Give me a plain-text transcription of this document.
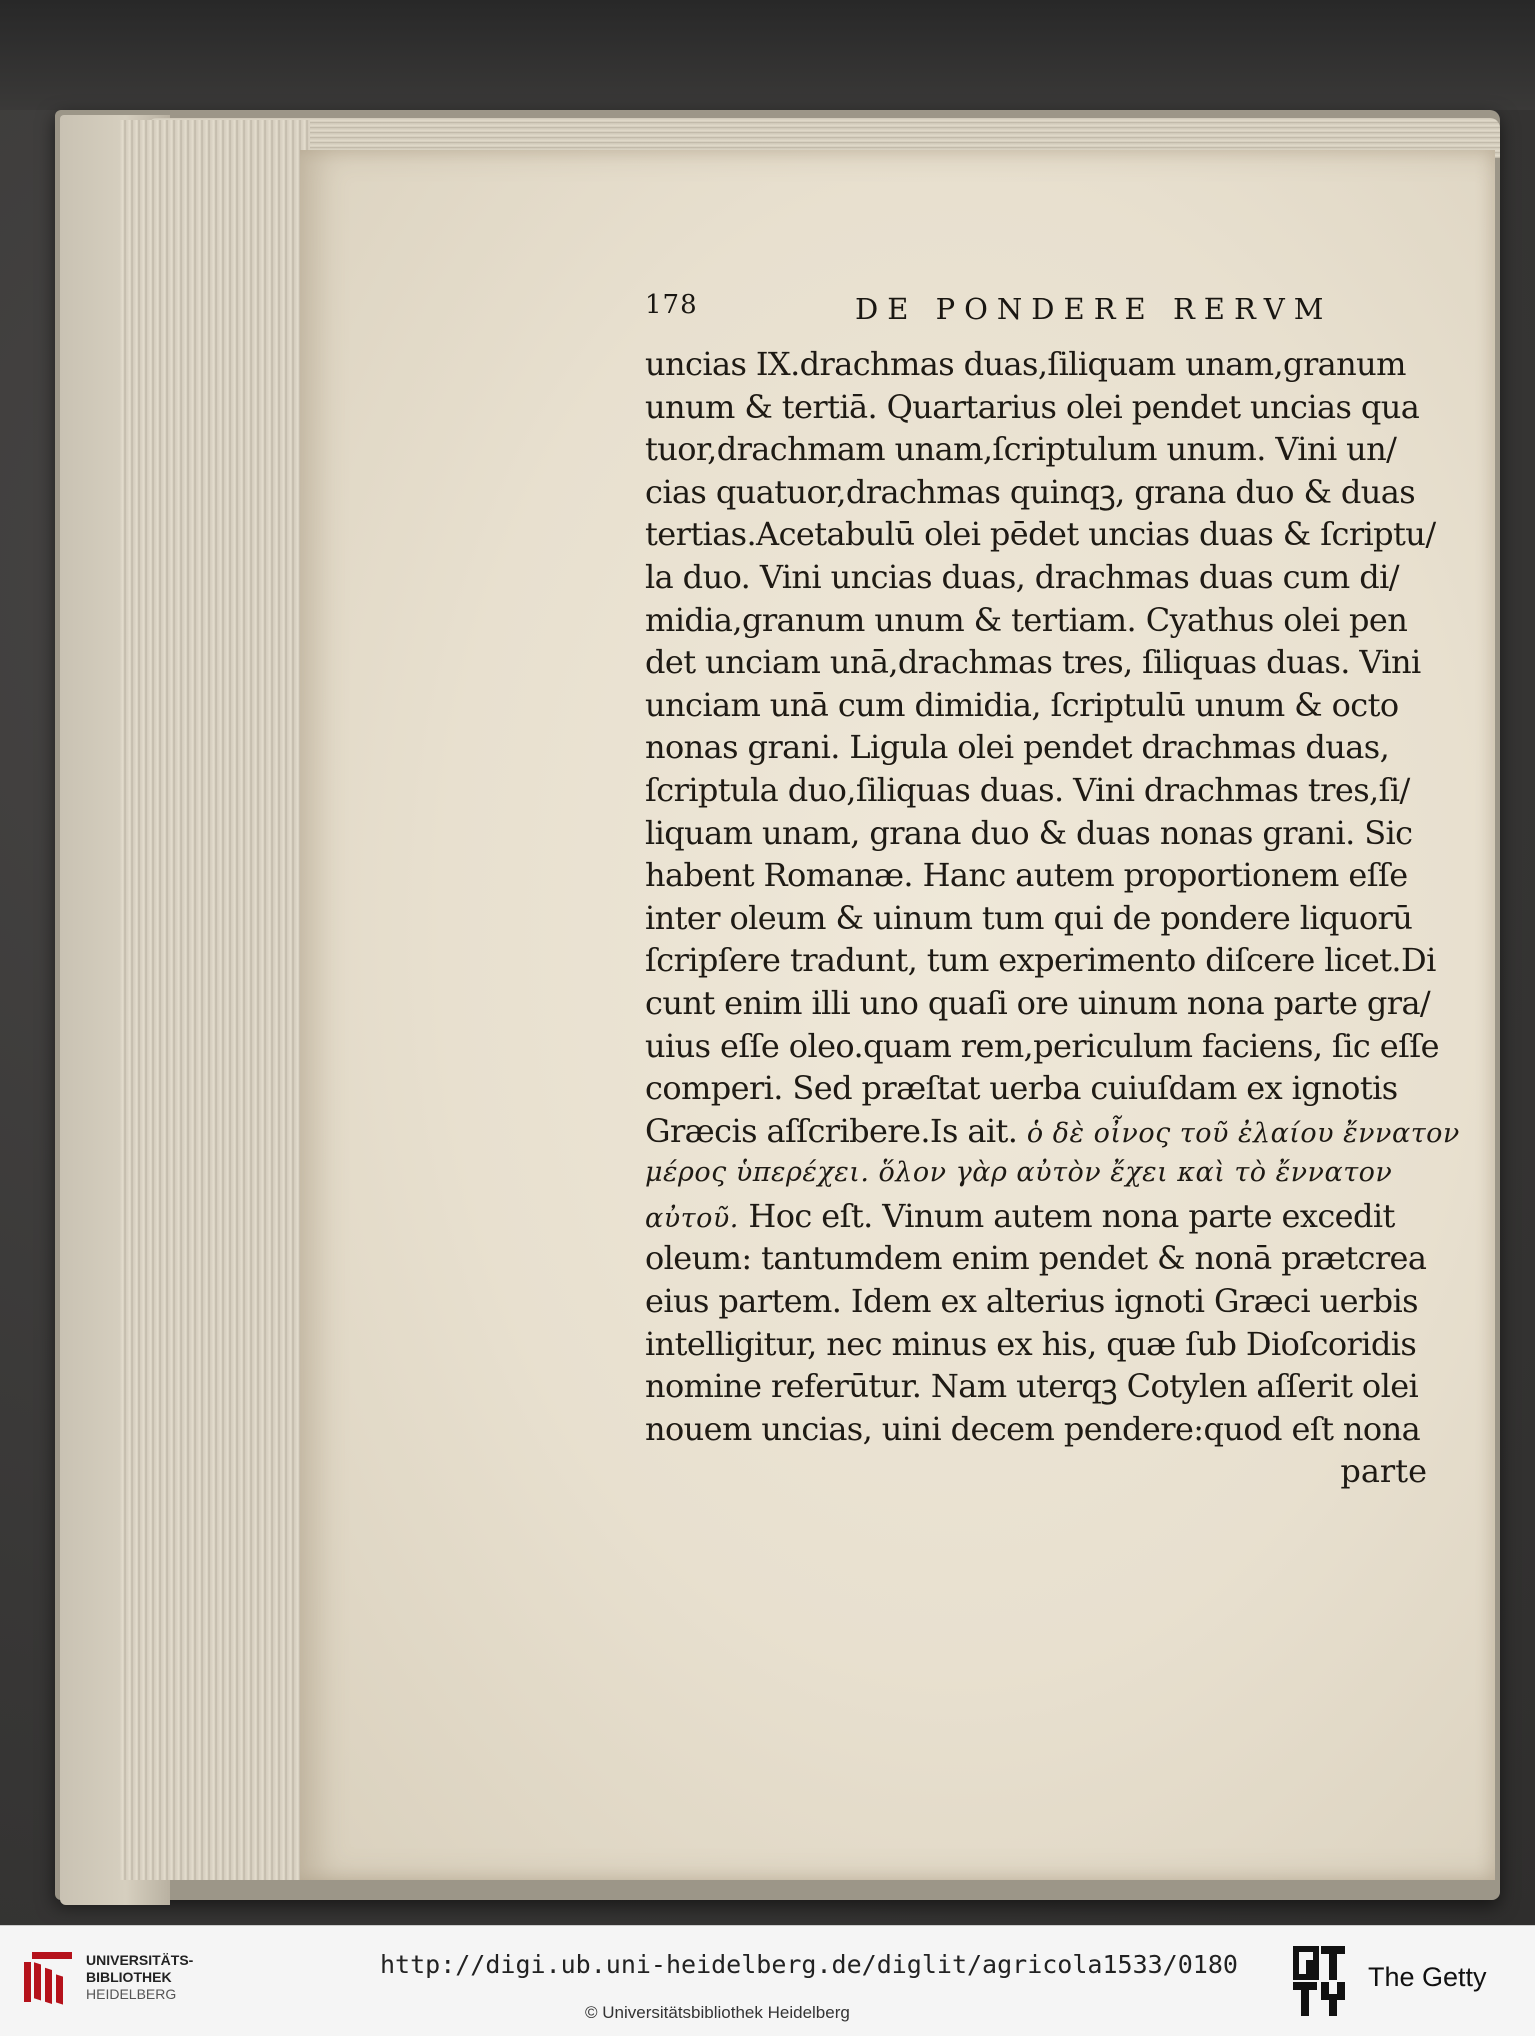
178	DE PONDERE RERVM
uncias IX.drachmas duas,ſiliquam unam,granum
unum & tertiā. Quartarius olei pendet uncias qua
tuor,drachmam unam,ſcriptulum unum. Vini un/
cias quatuor,drachmas quinqꝫ, grana duo & duas
tertias.Acetabulū olei pēdet uncias duas & ſcriptu/
la duo. Vini uncias duas, drachmas duas cum di/
midia,granum unum & tertiam. Cyathus olei pen
det unciam unā,drachmas tres, ſiliquas duas. Vini
unciam unā cum dimidia, ſcriptulū unum & octo
nonas grani. Ligula olei pendet drachmas duas,
ſcriptula duo,ſiliquas duas. Vini drachmas tres,ſi/
liquam unam, grana duo & duas nonas grani. Sic
habent Romanæ. Hanc autem proportionem eſſe
inter oleum & uinum tum qui de pondere liquorū
ſcripſere tradunt, tum experimento diſcere licet.Di
cunt enim illi uno quaſi ore uinum nona parte gra/
uius eſſe oleo.quam rem,periculum faciens, ſic eſſe
comperi. Sed præſtat uerba cuiuſdam ex ignotis
Græcis aſſcribere.Is ait. ὁ δὲ οἶνος τοῦ ἐλαίου ἔννατον
μέρος ὑπερέχει. ὅλον γὰρ αὐτὸν ἔχει καὶ τὸ ἔννατον
αὐτοῦ. Hoc eſt. Vinum autem nona parte excedit
oleum: tantumdem enim pendet & nonā prætcrea
eius partem. Idem ex alterius ignoti Græci uerbis
intelligitur, nec minus ex his, quæ ſub Dioſcoridis
nomine referūtur. Nam uterqꝫ Cotylen aſſerit olei
nouem uncias, uini decem pendere:quod eſt nona
parte
UNIVERSITÄTS-
BIBLIOTHEK
HEIDELBERG
http://digi.ub.uni-heidelberg.de/diglit/agricola1533/0180
© Universitätsbibliothek Heidelberg
The Getty
